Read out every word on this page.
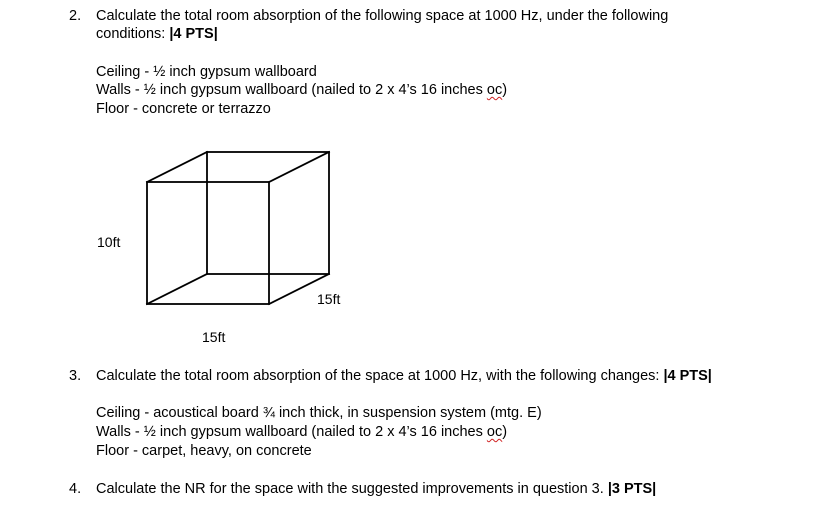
2. Calculate the total room absorption of the following space at 1000 Hz, under the following
conditions: |4 PTS|
Ceiling - ½ inch gypsum wallboard
Walls - ½ inch gypsum wallboard (nailed to 2 x 4’s 16 inches oc)
Floor - concrete or terrazzo
10ft
15ft
15ft
3. Calculate the total room absorption of the space at 1000 Hz, with the following changes: |4 PTS|
Ceiling - acoustical board ¾ inch thick, in suspension system (mtg. E)
Walls - ½ inch gypsum wallboard (nailed to 2 x 4’s 16 inches oc)
Floor - carpet, heavy, on concrete
4. Calculate the NR for the space with the suggested improvements in question 3. |3 PTS|
